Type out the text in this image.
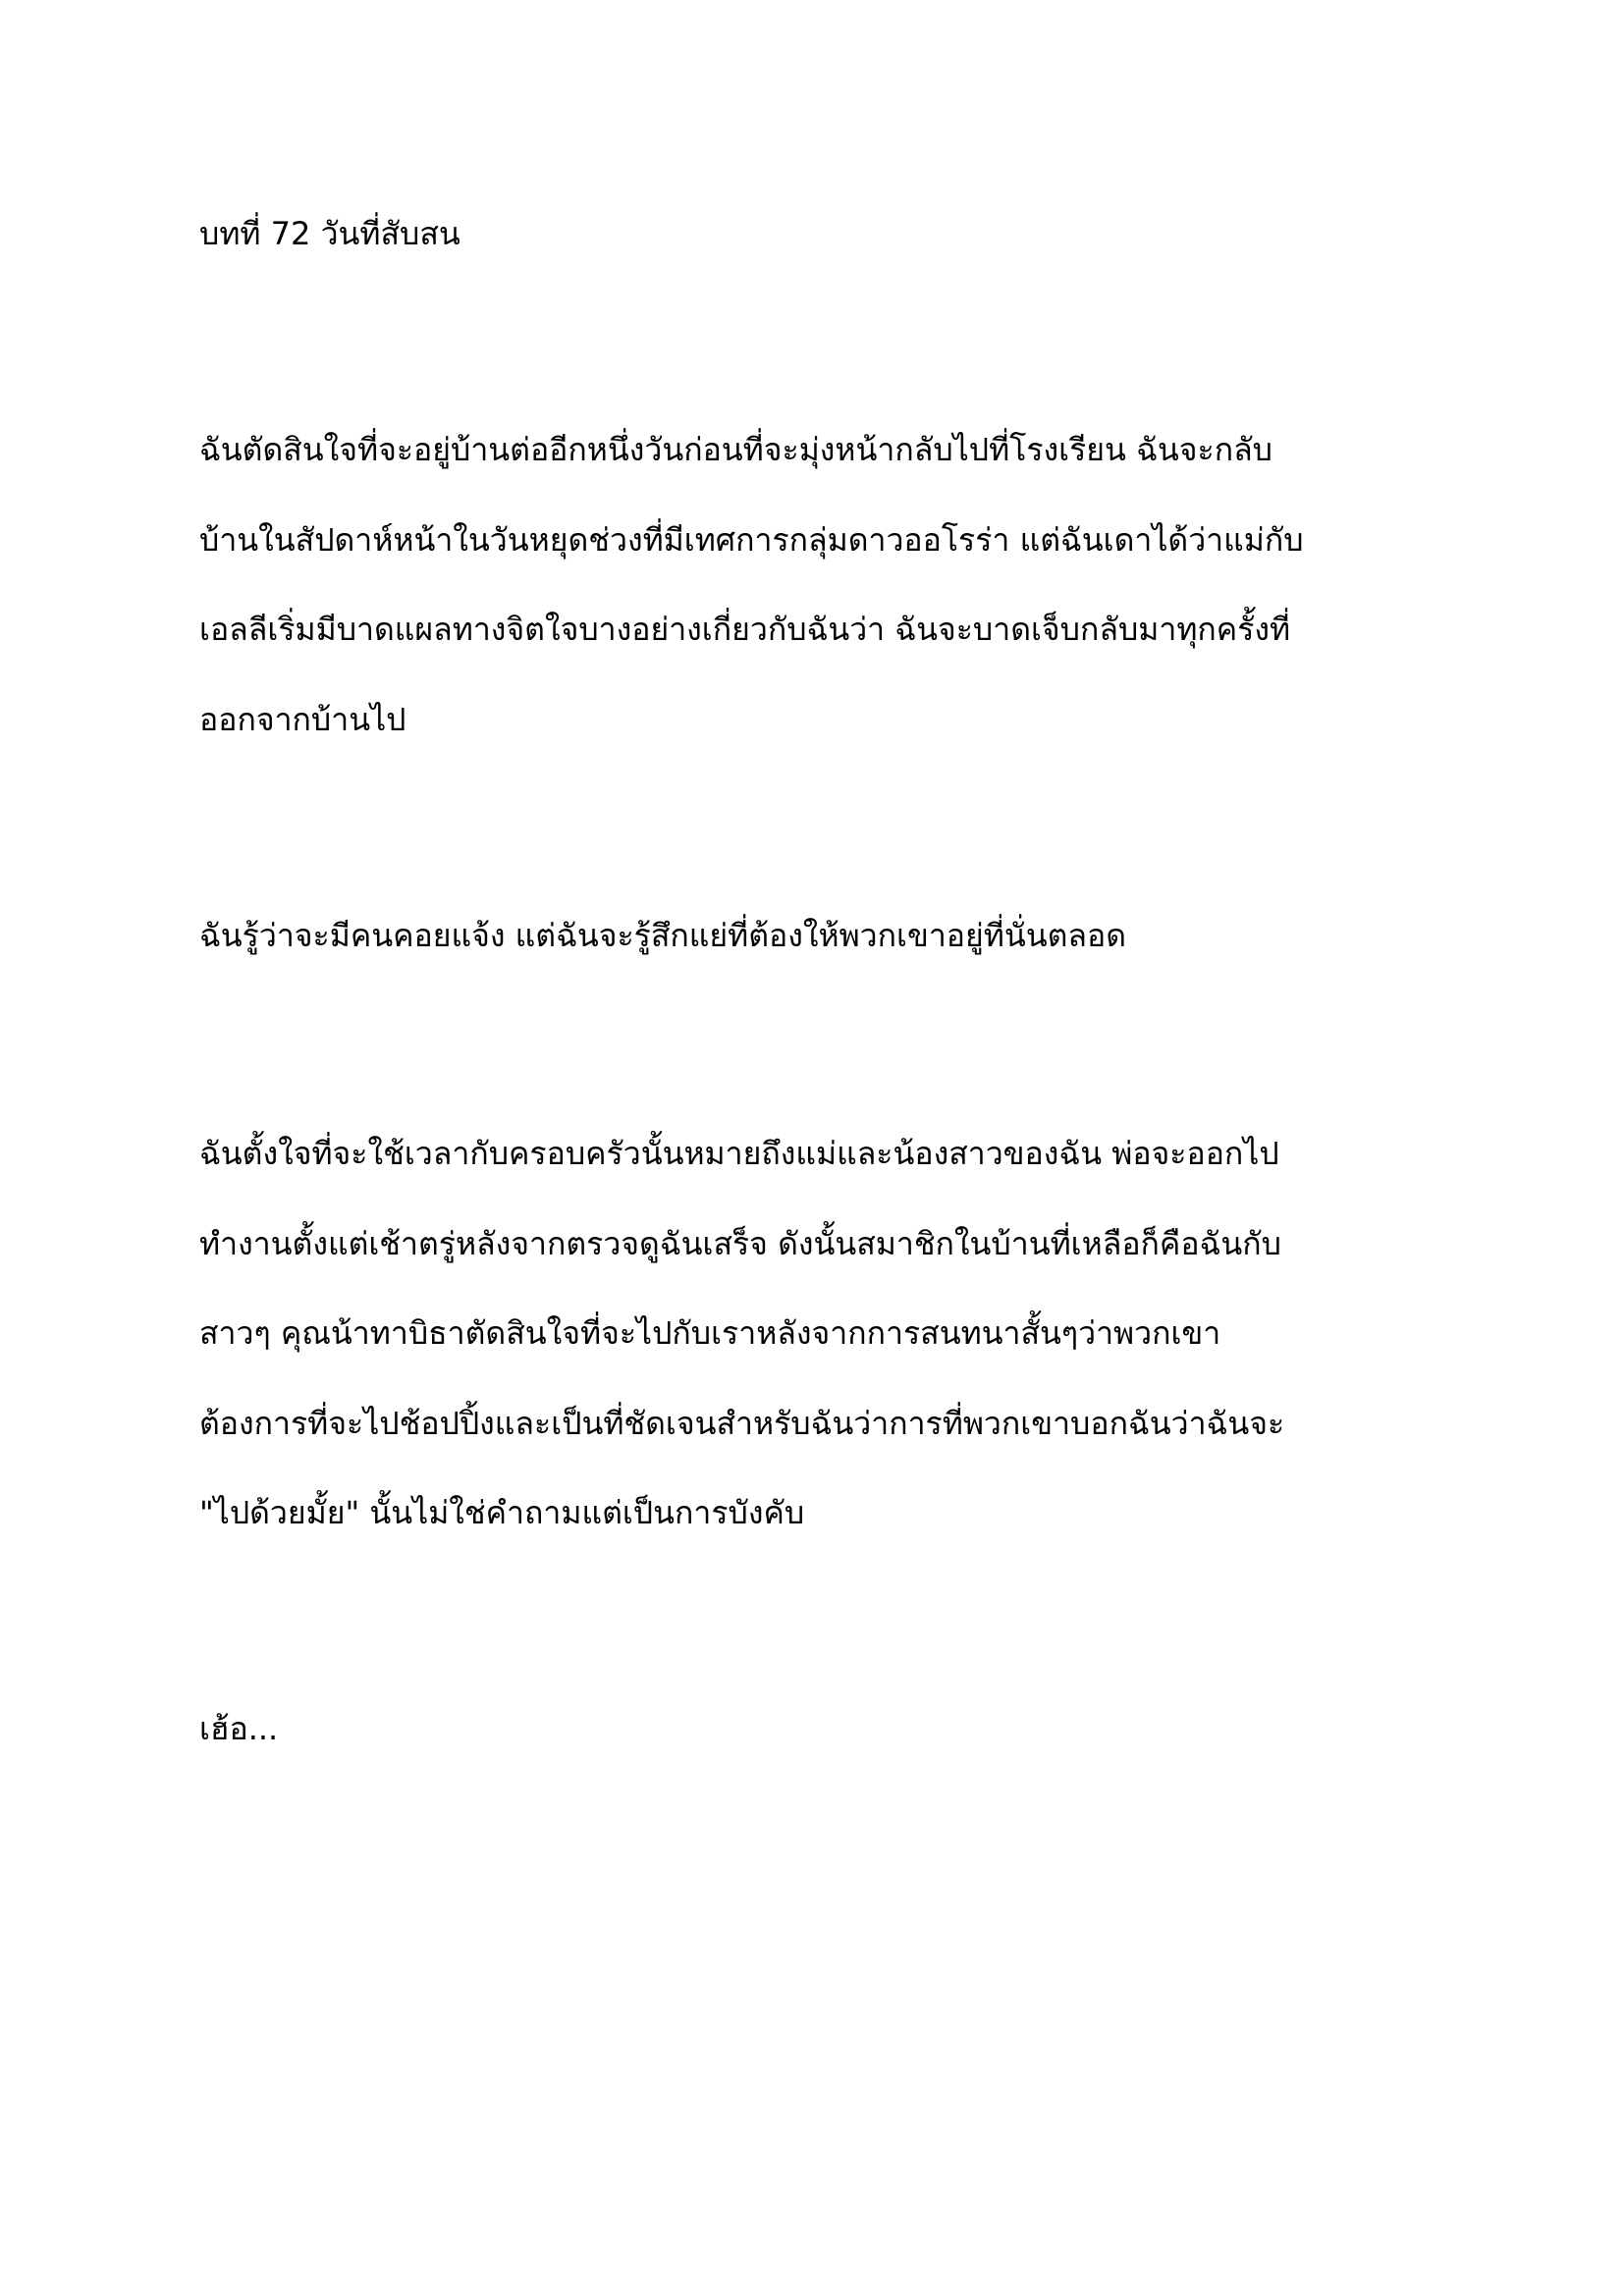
บทที่ 72 วันที่สับสน
ฉันตัดสินใจที่จะอยู่บ้านต่ออีกหนึ่งวันก่อนที่จะมุ่งหน้ากลับไปที่โรงเรียน ฉันจะกลับ
บ้านในสัปดาห์หน้าในวันหยุดช่วงที่มีเทศการกลุ่มดาวออโรร่า แต่ฉันเดาได้ว่าแม่กับ
เอลลีเริ่มมีบาดแผลทางจิตใจบางอย่างเกี่ยวกับฉันว่า ฉันจะบาดเจ็บกลับมาทุกครั้งที่
ออกจากบ้านไป
ฉันรู้ว่าจะมีคนคอยแจ้ง แต่ฉันจะรู้สึกแย่ที่ต้องให้พวกเขาอยู่ที่นั่นตลอด
ฉันตั้งใจที่จะใช้เวลากับครอบครัวนั้นหมายถึงแม่และน้องสาวของฉัน พ่อจะออกไป
ทำงานตั้งแต่เช้าตรู่หลังจากตรวจดูฉันเสร็จ ดังนั้นสมาชิกในบ้านที่เหลือก็คือฉันกับ
สาวๆ คุณน้าทาบิธาตัดสินใจที่จะไปกับเราหลังจากการสนทนาสั้นๆว่าพวกเขา
ต้องการที่จะไปช้อปปิ้งและเป็นที่ชัดเจนสำหรับฉันว่าการที่พวกเขาบอกฉันว่าฉันจะ
"ไปด้วยมั้ย" นั้นไม่ใช่คำถามแต่เป็นการบังคับ
เฮ้อ...
